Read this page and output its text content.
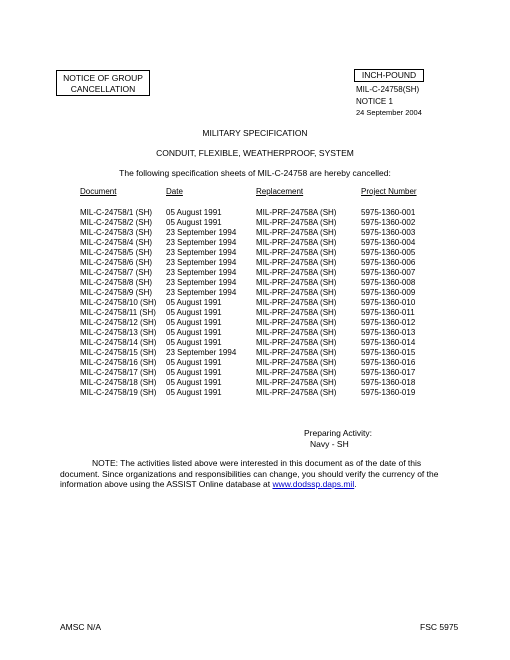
NOTICE OF GROUP
CANCELLATION
INCH-POUND
MIL-C-24758(SH)
NOTICE 1
24 September 2004
MILITARY SPECIFICATION
CONDUIT, FLEXIBLE, WEATHERPROOF, SYSTEM
The following specification sheets of MIL-C-24758 are hereby cancelled:
Document	Date	Replacement	Project Number
MIL-C-24758/1 (SH) 05 August 1991	MIL-PRF-24758A (SH)	5975-1360-001
MIL-C-24758/2 (SH) 05 August 1991	MIL-PRF-24758A (SH)	5975-1360-002
MIL-C-24758/3 (SH) 23 September 1994 MIL-PRF-24758A (SH)	5975-1360-003
MIL-C-24758/4 (SH) 23 September 1994 MIL-PRF-24758A (SH)	5975-1360-004
MIL-C-24758/5 (SH) 23 September 1994 MIL-PRF-24758A (SH)	5975-1360-005
MIL-C-24758/6 (SH) 23 September 1994 MIL-PRF-24758A (SH)	5975-1360-006
MIL-C-24758/7 (SH) 23 September 1994 MIL-PRF-24758A (SH)	5975-1360-007
MIL-C-24758/8 (SH) 23 September 1994 MIL-PRF-24758A (SH)	5975-1360-008
MIL-C-24758/9 (SH) 23 September 1994 MIL-PRF-24758A (SH)	5975-1360-009
MIL-C-24758/10 (SH) 05 August 1991	MIL-PRF-24758A (SH)	5975-1360-010
MIL-C-24758/11 (SH) 05 August 1991	MIL-PRF-24758A (SH)	5975-1360-011
MIL-C-24758/12 (SH) 05 August 1991	MIL-PRF-24758A (SH)	5975-1360-012
MIL-C-24758/13 (SH) 05 August 1991	MIL-PRF-24758A (SH)	5975-1360-013
MIL-C-24758/14 (SH) 05 August 1991	MIL-PRF-24758A (SH)	5975-1360-014
MIL-C-24758/15 (SH) 23 September 1994 MIL-PRF-24758A (SH)	5975-1360-015
MIL-C-24758/16 (SH) 05 August 1991	MIL-PRF-24758A (SH)	5975-1360-016
MIL-C-24758/17 (SH) 05 August 1991	MIL-PRF-24758A (SH)	5975-1360-017
MIL-C-24758/18 (SH) 05 August 1991	MIL-PRF-24758A (SH)	5975-1360-018
MIL-C-24758/19 (SH) 05 August 1991	MIL-PRF-24758A (SH)	5975-1360-019
Preparing Activity:
Navy - SH
NOTE: The activities listed above were interested in this document as of the date of this document. Since organizations and responsibilities can change, you should verify the currency of the information above using the ASSIST Online database at www.dodssp.daps.mil.
AMSC N/A	FSC 5975
